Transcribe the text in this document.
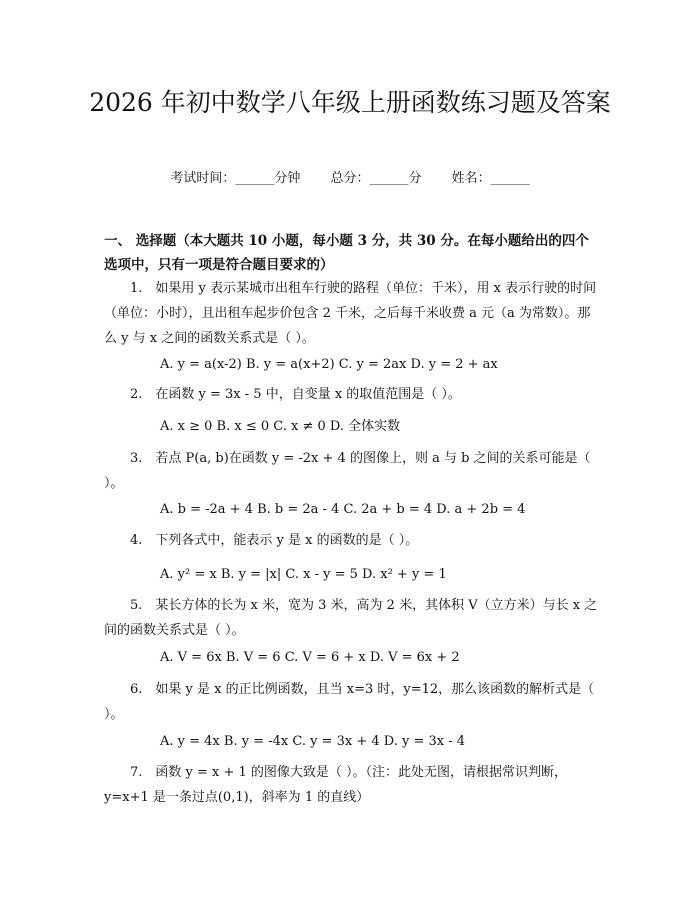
2026 年初中数学八年级上册函数练习题及答案
考试时间：______分钟 总分：______分 姓名：______

一、 选择题（本大题共 10 小题，每小题 3 分，共 30 分。在每小题给出的四个选项中，只有一项是符合题目要求的）

1.　如果用 y 表示某城市出租车行驶的路程（单位：千米），用 x 表示行驶的时间（单位：小时），且出租车起步价包含 2 千米，之后每千米收费 a 元（a 为常数）。那么 y 与 x 之间的函数关系式是（ ）。

A. y = a(x-2) B. y = a(x+2) C. y = 2ax D. y = 2 + ax

2.　在函数 y = 3x - 5 中，自变量 x 的取值范围是（ ）。

A. x ≥ 0 B. x ≤ 0 C. x ≠ 0 D. 全体实数

3.　若点 P(a, b)在函数 y = -2x + 4 的图像上，则 a 与 b 之间的关系可能是（ ）。

A. b = -2a + 4 B. b = 2a - 4 C. 2a + b = 4 D. a + 2b = 4

4.　下列各式中，能表示 y 是 x 的函数的是（ ）。

A. y² = x B. y = |x| C. x - y = 5 D. x² + y = 1

5.　某长方体的长为 x 米，宽为 3 米，高为 2 米，其体积 V（立方米）与长 x 之间的函数关系式是（ ）。

A. V = 6x B. V = 6 C. V = 6 + x D. V = 6x + 2

6.　如果 y 是 x 的正比例函数，且当 x=3 时，y=12，那么该函数的解析式是（ ）。

A. y = 4x B. y = -4x C. y = 3x + 4 D. y = 3x - 4

7.　函数 y = x + 1 的图像大致是（ ）。（注：此处无图，请根据常识判断，y=x+1 是一条过点(0,1)，斜率为 1 的直线）
